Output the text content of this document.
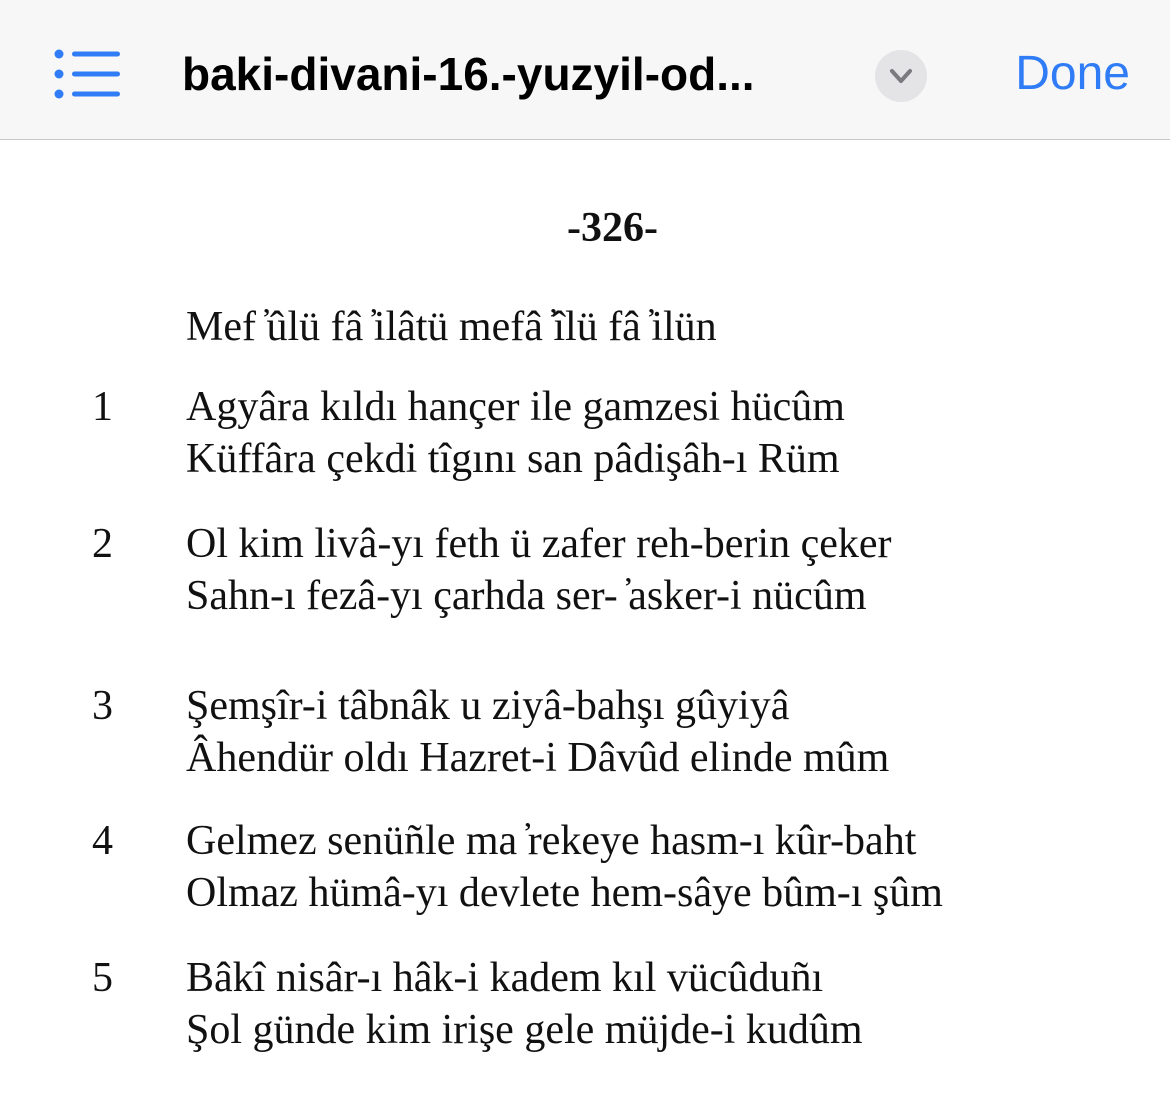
baki-divani-16.-yuzyil-od...	Done
-326-
Mef ̓ûlü fâ ̓ilâtü mefâ ̓îlü fâ ̓ilün
1 Agyâra kıldı hançer ile gamzesi hücûm
Küffâra çekdi tîgını san pâdişâh-ı Rüm
2 Ol kim livâ-yı feth ü zafer reh-berin çeker
Sahn-ı fezâ-yı çarhda ser- ̓asker-i nücûm
3 Şemşîr-i tâbnâk u ziyâ-bahşı gûyiyâ
Âhendür oldı Hazret-i Dâvûd elinde mûm
4 Gelmez senüñle ma ̓rekeye hasm-ı kûr-baht
Olmaz hümâ-yı devlete hem-sâye bûm-ı şûm
5 Bâkî nisâr-ı hâk-i kadem kıl vücûduñı
Şol günde kim irişe gele müjde-i kudûm
